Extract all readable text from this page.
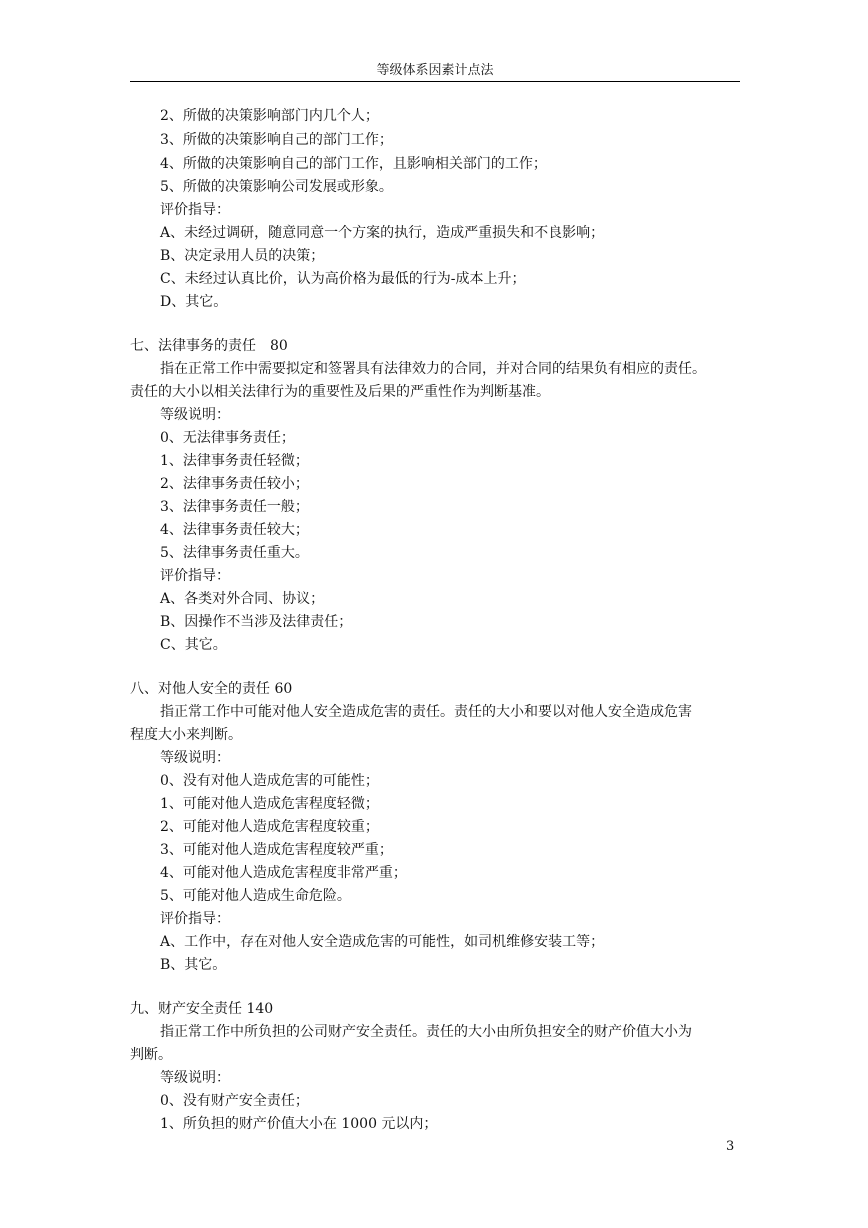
等级体系因素计点法
2、所做的决策影响部门内几个人；
3、所做的决策影响自己的部门工作；
4、所做的决策影响自己的部门工作，且影响相关部门的工作；
5、所做的决策影响公司发展或形象。
评价指导：
A、未经过调研，随意同意一个方案的执行，造成严重损失和不良影响；
B、决定录用人员的决策；
C、未经过认真比价，认为高价格为最低的行为-成本上升；
D、其它。
七、法律事务的责任　80
指在正常工作中需要拟定和签署具有法律效力的合同，并对合同的结果负有相应的责任。
责任的大小以相关法律行为的重要性及后果的严重性作为判断基准。
等级说明：
0、无法律事务责任；
1、法律事务责任轻微；
2、法律事务责任较小；
3、法律事务责任一般；
4、法律事务责任较大；
5、法律事务责任重大。
评价指导：
A、各类对外合同、协议；
B、因操作不当涉及法律责任；
C、其它。
八、对他人安全的责任 60
指正常工作中可能对他人安全造成危害的责任。责任的大小和要以对他人安全造成危害
程度大小来判断。
等级说明：
0、没有对他人造成危害的可能性；
1、可能对他人造成危害程度轻微；
2、可能对他人造成危害程度较重；
3、可能对他人造成危害程度较严重；
4、可能对他人造成危害程度非常严重；
5、可能对他人造成生命危险。
评价指导：
A、工作中，存在对他人安全造成危害的可能性，如司机维修安装工等；
B、其它。
九、财产安全责任 140
指正常工作中所负担的公司财产安全责任。责任的大小由所负担安全的财产价值大小为
判断。
等级说明：
0、没有财产安全责任；
1、所负担的财产价值大小在 1000 元以内；
3
